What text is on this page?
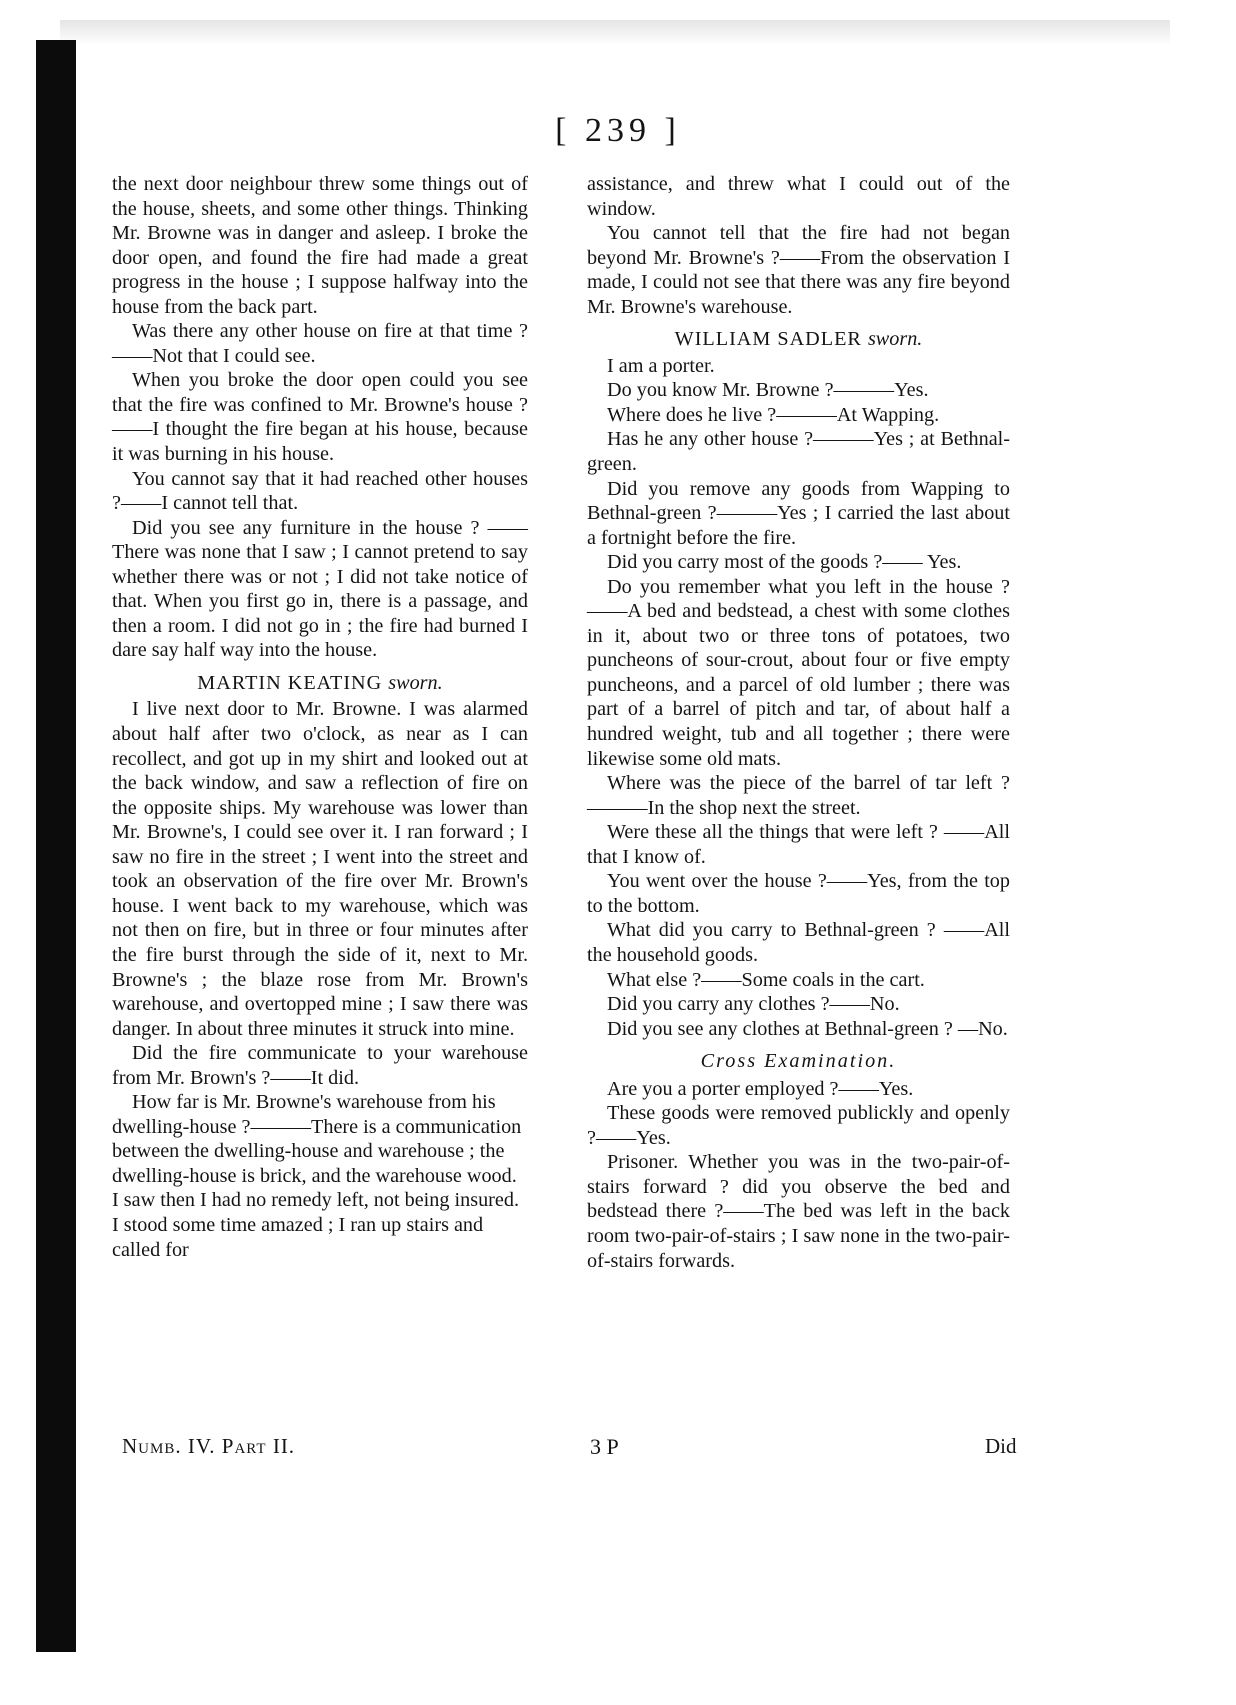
[ 239 ]

the next door neighbour threw some things out of the house, sheets, and some other things. Thinking Mr. Browne was in danger and asleep. I broke the door open, and found the fire had made a great progress in the house ; I suppose halfway into the house from the back part.

Was there any other house on fire at that time ?——Not that I could see.

When you broke the door open could you see that the fire was confined to Mr. Browne's house ?——I thought the fire began at his house, because it was burning in his house.

You cannot say that it had reached other houses ?——I cannot tell that.

Did you see any furniture in the house ? ——There was none that I saw ; I cannot pretend to say whether there was or not ; I did not take notice of that. When you first go in, there is a passage, and then a room. I did not go in ; the fire had burned I dare say half way into the house.

MARTIN KEATING sworn.

I live next door to Mr. Browne. I was alarmed about half after two o'clock, as near as I can recollect, and got up in my shirt and looked out at the back window, and saw a reflection of fire on the opposite ships. My warehouse was lower than Mr. Browne's, I could see over it. I ran forward ; I saw no fire in the street ; I went into the street and took an observation of the fire over Mr. Brown's house. I went back to my warehouse, which was not then on fire, but in three or four minutes after the fire burst through the side of it, next to Mr. Browne's ; the blaze rose from Mr. Brown's warehouse, and overtopped mine ; I saw there was danger. In about three minutes it struck into mine.

Did the fire communicate to your warehouse from Mr. Brown's ?——It did.

How far is Mr. Browne's warehouse from his dwelling-house ?———There is a communication between the dwelling-house and warehouse ; the dwelling-house is brick, and the warehouse wood. I saw then I had no remedy left, not being insured. I stood some time amazed ; I ran up stairs and called for

assistance, and threw what I could out of the window.

You cannot tell that the fire had not began beyond Mr. Browne's ?——From the observation I made, I could not see that there was any fire beyond Mr. Browne's warehouse.

WILLIAM SADLER sworn.

I am a porter.

Do you know Mr. Browne ?———Yes.

Where does he live ?———At Wapping.

Has he any other house ?———Yes ; at Bethnal-green.

Did you remove any goods from Wapping to Bethnal-green ?———Yes ; I carried the last about a fortnight before the fire.

Did you carry most of the goods ?—— Yes.

Do you remember what you left in the house ?——A bed and bedstead, a chest with some clothes in it, about two or three tons of potatoes, two puncheons of sour-crout, about four or five empty puncheons, and a parcel of old lumber ; there was part of a barrel of pitch and tar, of about half a hundred weight, tub and all together ; there were likewise some old mats.

Where was the piece of the barrel of tar left ?———In the shop next the street.

Were these all the things that were left ? ——All that I know of.

You went over the house ?——Yes, from the top to the bottom.

What did you carry to Bethnal-green ? ——All the household goods.

What else ?——Some coals in the cart.

Did you carry any clothes ?——No.

Did you see any clothes at Bethnal-green ? —No.

Cross Examination.

Are you a porter employed ?——Yes.

These goods were removed publickly and openly ?——Yes.

Prisoner. Whether you was in the two-pair-of-stairs forward ? did you observe the bed and bedstead there ?——The bed was left in the back room two-pair-of-stairs ; I saw none in the two-pair-of-stairs forwards.

Numb. IV. Part II.	3 P	Did
